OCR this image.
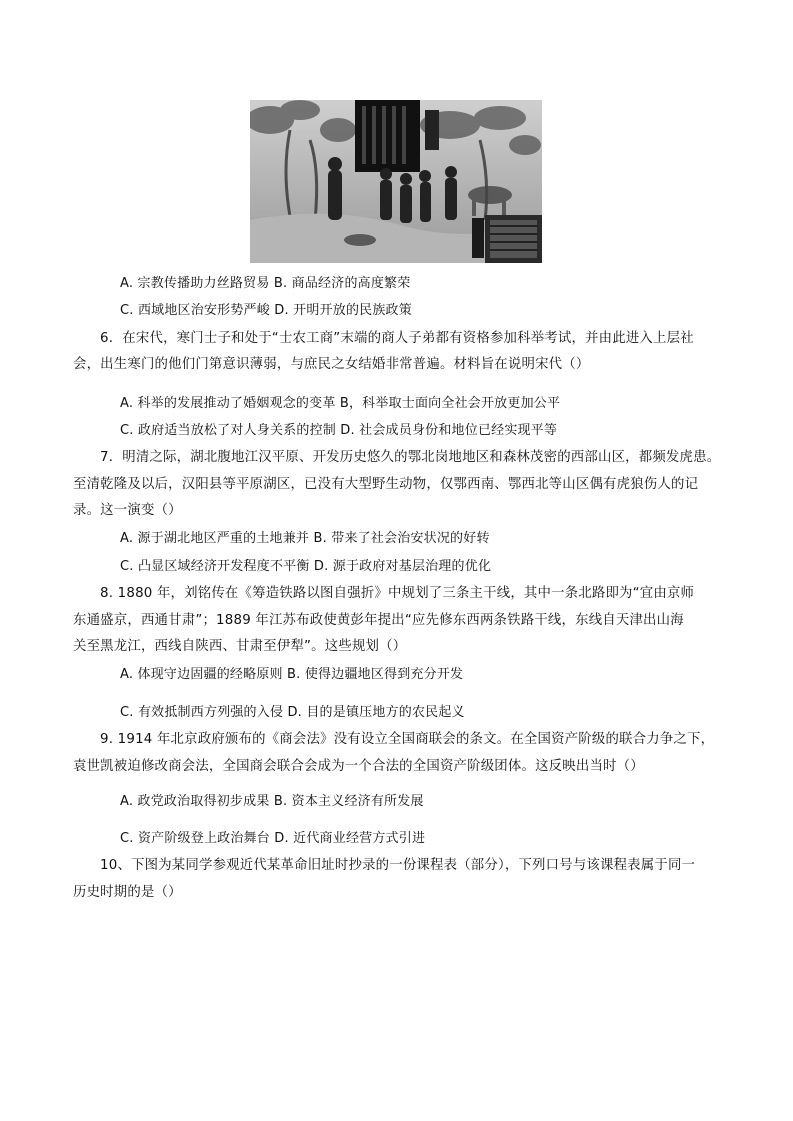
A. 宗教传播助力丝路贸易 B. 商品经济的高度繁荣
C. 西域地区治安形势严峻 D. 开明开放的民族政策
6．在宋代，寒门士子和处于“士农工商”末端的商人子弟都有资格参加科举考试，并由此进入上层社
会，出生寒门的他们门第意识薄弱，与庶民之女结婚非常普遍。材料旨在说明宋代（）
A. 科举的发展推动了婚姻观念的变革 B，科举取士面向全社会开放更加公平
C. 政府适当放松了对人身关系的控制 D. 社会成员身份和地位已经实现平等
7．明清之际，湖北腹地江汉平原、开发历史悠久的鄂北岗地地区和森林茂密的西部山区，都频发虎患。
至清乾隆及以后，汉阳县等平原湖区，已没有大型野生动物，仅鄂西南、鄂西北等山区偶有虎狼伤人的记
录。这一演变（）
A. 源于湖北地区严重的土地兼并 B. 带来了社会治安状况的好转
C. 凸显区域经济开发程度不平衡 D. 源于政府对基层治理的优化
8. 1880 年，刘铭传在《筹造铁路以图自强折》中规划了三条主干线，其中一条北路即为“宜由京师
东通盛京，西通甘肃”；1889 年江苏布政使黄彭年提出“应先修东西两条铁路干线，东线自天津出山海
关至黑龙江，西线自陕西、甘肃至伊犁”。这些规划（）
A. 体现守边固疆的经略原则 B. 使得边疆地区得到充分开发
C. 有效抵制西方列强的入侵 D. 目的是镇压地方的农民起义
9. 1914 年北京政府颁布的《商会法》没有设立全国商联会的条文。在全国资产阶级的联合力争之下，
袁世凯被迫修改商会法，全国商会联合会成为一个合法的全国资产阶级团体。这反映出当时（）
A. 政党政治取得初步成果 B. 资本主义经济有所发展
C. 资产阶级登上政治舞台 D. 近代商业经营方式引进
10、下图为某同学参观近代某革命旧址时抄录的一份课程表（部分），下列口号与该课程表属于同一
历史时期的是（）
